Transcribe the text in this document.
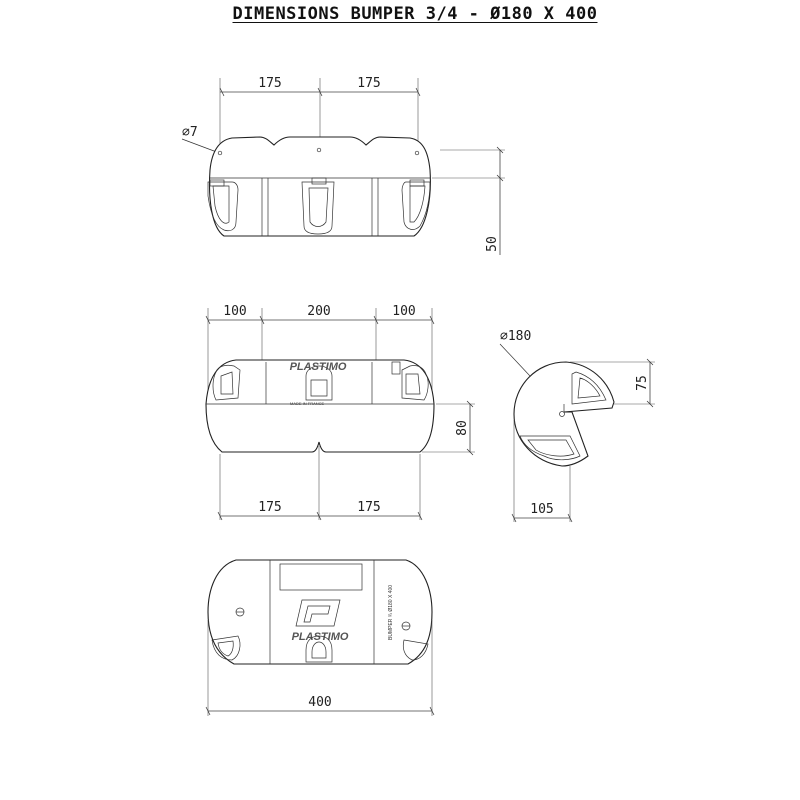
DIMENSIONS BUMPER 3/4 - Ø180 X 400
175	175
∅7
50
100	200	100
PLASTIMO
MADE IN FRANCE
80
175	175
∅180
75
105
PLASTIMO	BUMPER ¾ Ø180 X 400
400
